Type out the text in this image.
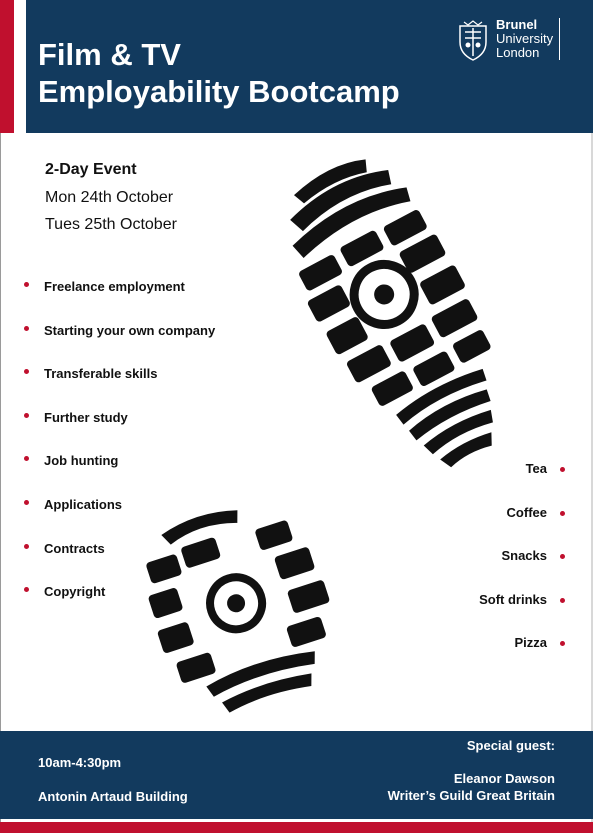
Film & TV
Employability Bootcamp
Brunel
University
London

2-Day Event

Mon 24th October

Tues 25th October

Freelance employment
Starting your own company
Transferable skills
Further study
Job hunting
Applications
Contracts
Copyright
Tea
Coffee
Snacks
Soft drinks
Pizza
10am-4:30pm
Antonin Artaud Building
Special guest:
Eleanor Dawson
Writer’s Guild Great Britain
